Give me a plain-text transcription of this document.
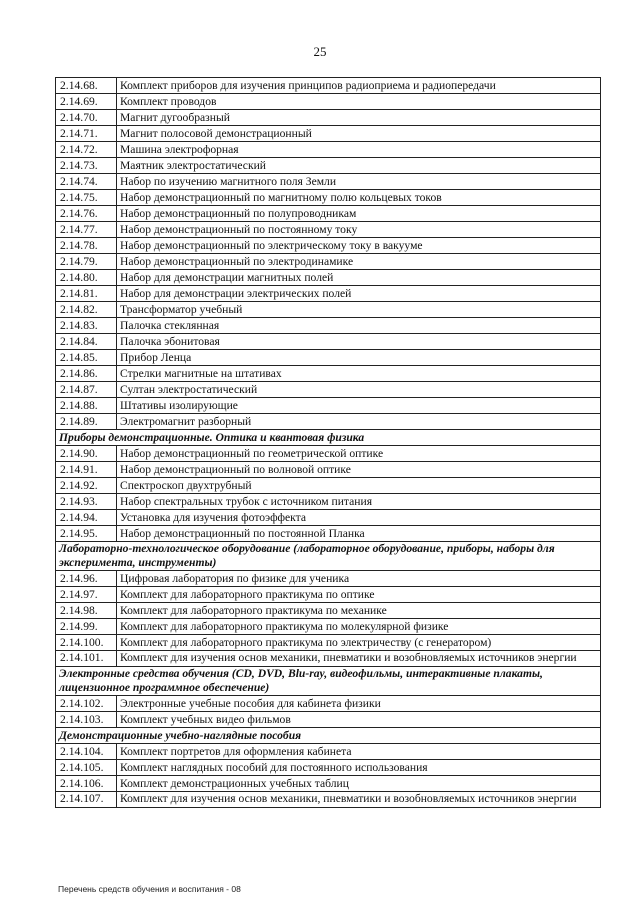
25
2.14.68.	Комплект приборов для изучения принципов радиоприема и радиопередачи
2.14.69.	Комплект проводов
2.14.70.	Магнит дугообразный
2.14.71.	Магнит полосовой демонстрационный
2.14.72.	Машина электрофорная
2.14.73.	Маятник электростатический
2.14.74.	Набор по изучению магнитного поля Земли
2.14.75.	Набор демонстрационный по магнитному полю кольцевых токов
2.14.76.	Набор демонстрационный по полупроводникам
2.14.77.	Набор демонстрационный по постоянному току
2.14.78.	Набор демонстрационный по электрическому току в вакууме
2.14.79.	Набор демонстрационный по электродинамике
2.14.80.	Набор для демонстрации магнитных полей
2.14.81.	Набор для демонстрации электрических полей
2.14.82.	Трансформатор учебный
2.14.83.	Палочка стеклянная
2.14.84.	Палочка эбонитовая
2.14.85.	Прибор Ленца
2.14.86.	Стрелки магнитные на штативах
2.14.87.	Султан электростатический
2.14.88.	Штативы изолирующие
2.14.89.	Электромагнит разборный
Приборы демонстрационные. Оптика и квантовая физика	
2.14.90.	Набор демонстрационный по геометрической оптике
2.14.91.	Набор демонстрационный по волновой оптике
2.14.92.	Спектроскоп двухтрубный
2.14.93.	Набор спектральных трубок с источником питания
2.14.94.	Установка для изучения фотоэффекта
2.14.95.	Набор демонстрационный по постоянной Планка
Лабораторно-технологическое оборудование (лабораторное оборудование, приборы, наборы для эксперимента, инструменты)	
2.14.96.	Цифровая лаборатория по физике для ученика
2.14.97.	Комплект для лабораторного практикума по оптике
2.14.98.	Комплект для лабораторного практикума по механике
2.14.99.	Комплект для лабораторного практикума по молекулярной физике
2.14.100.	Комплект для лабораторного практикума по электричеству (с генератором)
2.14.101.	Комплект для изучения основ механики, пневматики и возобновляемых источников энергии
Электронные средства обучения (CD, DVD, Blu-ray, видеофильмы, интерактивные плакаты, лицензионное программное обеспечение)	
2.14.102.	Электронные учебные пособия для кабинета физики
2.14.103.	Комплект учебных видео фильмов
Демонстрационные учебно-наглядные пособия	
2.14.104.	Комплект портретов для оформления кабинета
2.14.105.	Комплект наглядных пособий для постоянного использования
2.14.106.	Комплект демонстрационных учебных таблиц
2.14.107.	Комплект для изучения основ механики, пневматики и возобновляемых источников энергии
Перечень средств обучения и воспитания - 08
